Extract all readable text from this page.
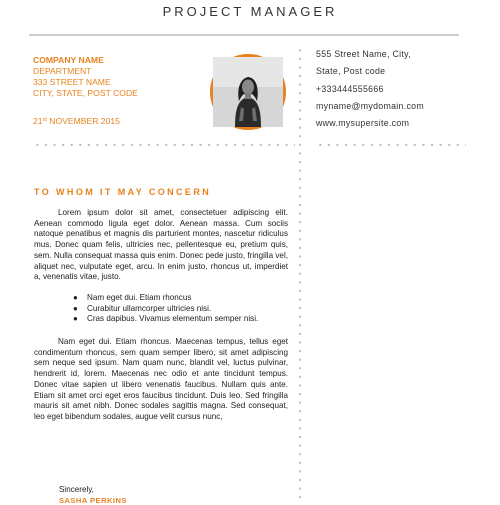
PROJECT MANAGER
COMPANY NAME
DEPARTMENT
333 STREET NAME
CITY, STATE, POST CODE
21st NOVEMBER 2015
555 Street Name, City,
State, Post code
+333444555666
myname@mydomain.com
www.mysupersite.com
TO WHOM IT MAY CONCERN

Lorem ipsum dolor sit amet, consectetuer adipiscing elit. Aenean commodo ligula eget dolor. Aenean massa. Cum sociis natoque penatibus et magnis dis parturient montes, nascetur ridiculus mus. Donec quam felis, ultricies nec, pellentesque eu, pretium quis, sem. Nulla consequat massa quis enim. Donec pede justo, fringilla vel, aliquet nec, vulputate eget, arcu. In enim justo, rhoncus ut, imperdiet a, venenatis vitae, justo.

● Nam eget dui. Etiam rhoncus
● Curabitur ullamcorper ultricies nisi.
● Cras dapibus. Vivamus elementum semper nisi.

Nam eget dui. Etiam rhoncus. Maecenas tempus, tellus eget condimentum rhoncus, sem quam semper libero, sit amet adipiscing sem neque sed ipsum. Nam quam nunc, blandit vel, luctus pulvinar, hendrerit id, lorem. Maecenas nec odio et ante tincidunt tempus. Donec vitae sapien ut libero venenatis faucibus. Nullam quis ante. Etiam sit amet orci eget eros faucibus tincidunt. Duis leo. Sed fringilla mauris sit amet nibh. Donec sodales sagittis magna. Sed consequat, leo eget bibendum sodales, augue velit cursus nunc,

Sincerely,
SASHA PERKINS
